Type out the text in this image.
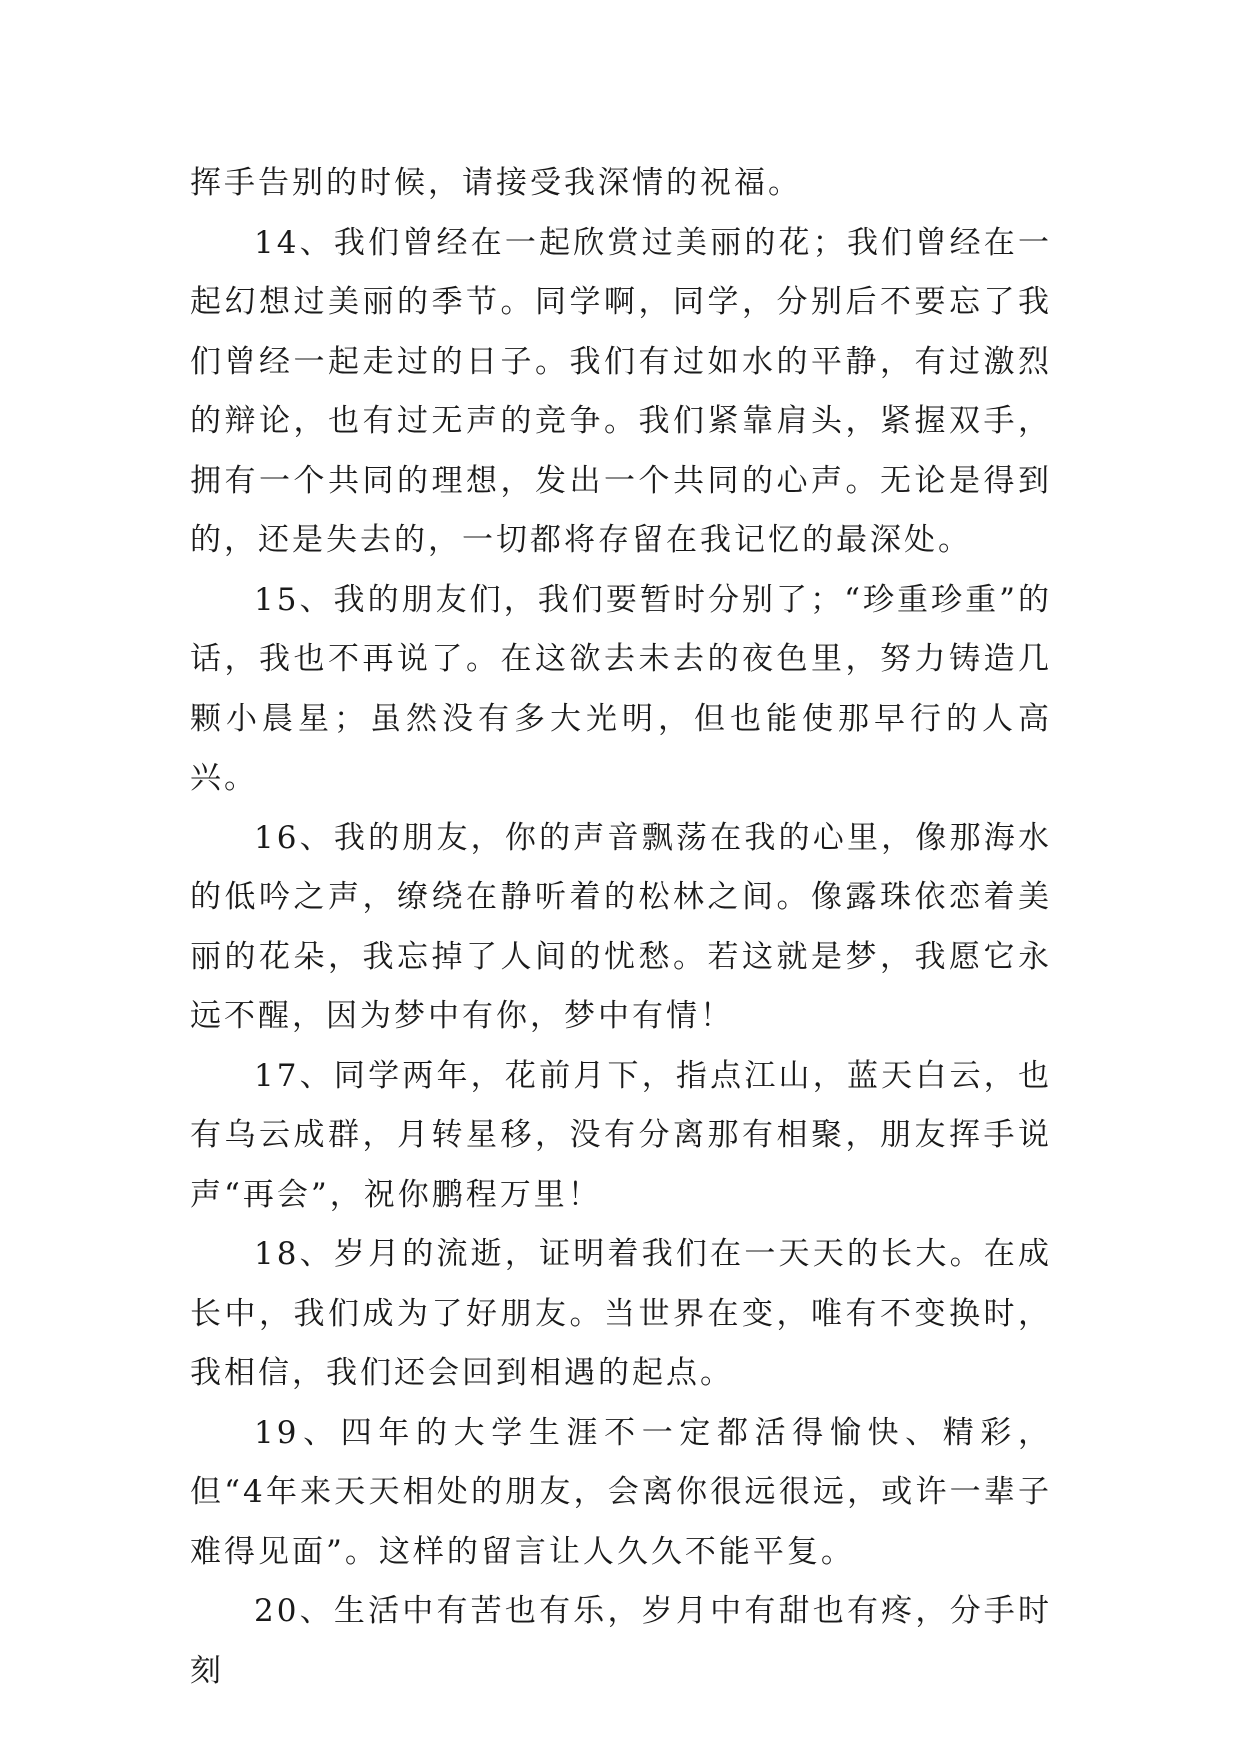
挥手告别的时候，请接受我深情的祝福。

14、我们曾经在一起欣赏过美丽的花；我们曾经在一起幻想过美丽的季节。同学啊，同学，分别后不要忘了我们曾经一起走过的日子。我们有过如水的平静，有过激烈的辩论，也有过无声的竞争。我们紧靠肩头，紧握双手，拥有一个共同的理想，发出一个共同的心声。无论是得到的，还是失去的，一切都将存留在我记忆的最深处。

15、我的朋友们，我们要暂时分别了；“珍重珍重”的话，我也不再说了。在这欲去未去的夜色里，努力铸造几颗小晨星；虽然没有多大光明，但也能使那早行的人高兴。

16、我的朋友，你的声音飘荡在我的心里，像那海水的低吟之声，缭绕在静听着的松林之间。像露珠依恋着美丽的花朵，我忘掉了人间的忧愁。若这就是梦，我愿它永远不醒，因为梦中有你，梦中有情！

17、同学两年，花前月下，指点江山，蓝天白云，也有乌云成群，月转星移，没有分离那有相聚，朋友挥手说声“再会”，祝你鹏程万里！

18、岁月的流逝，证明着我们在一天天的长大。在成长中，我们成为了好朋友。当世界在变，唯有不变换时，我相信，我们还会回到相遇的起点。

19、四年的大学生涯不一定都活得愉快、精彩，但“4年来天天相处的朋友，会离你很远很远，或许一辈子难得见面”。这样的留言让人久久不能平复。

20、生活中有苦也有乐，岁月中有甜也有疼，分手时刻
